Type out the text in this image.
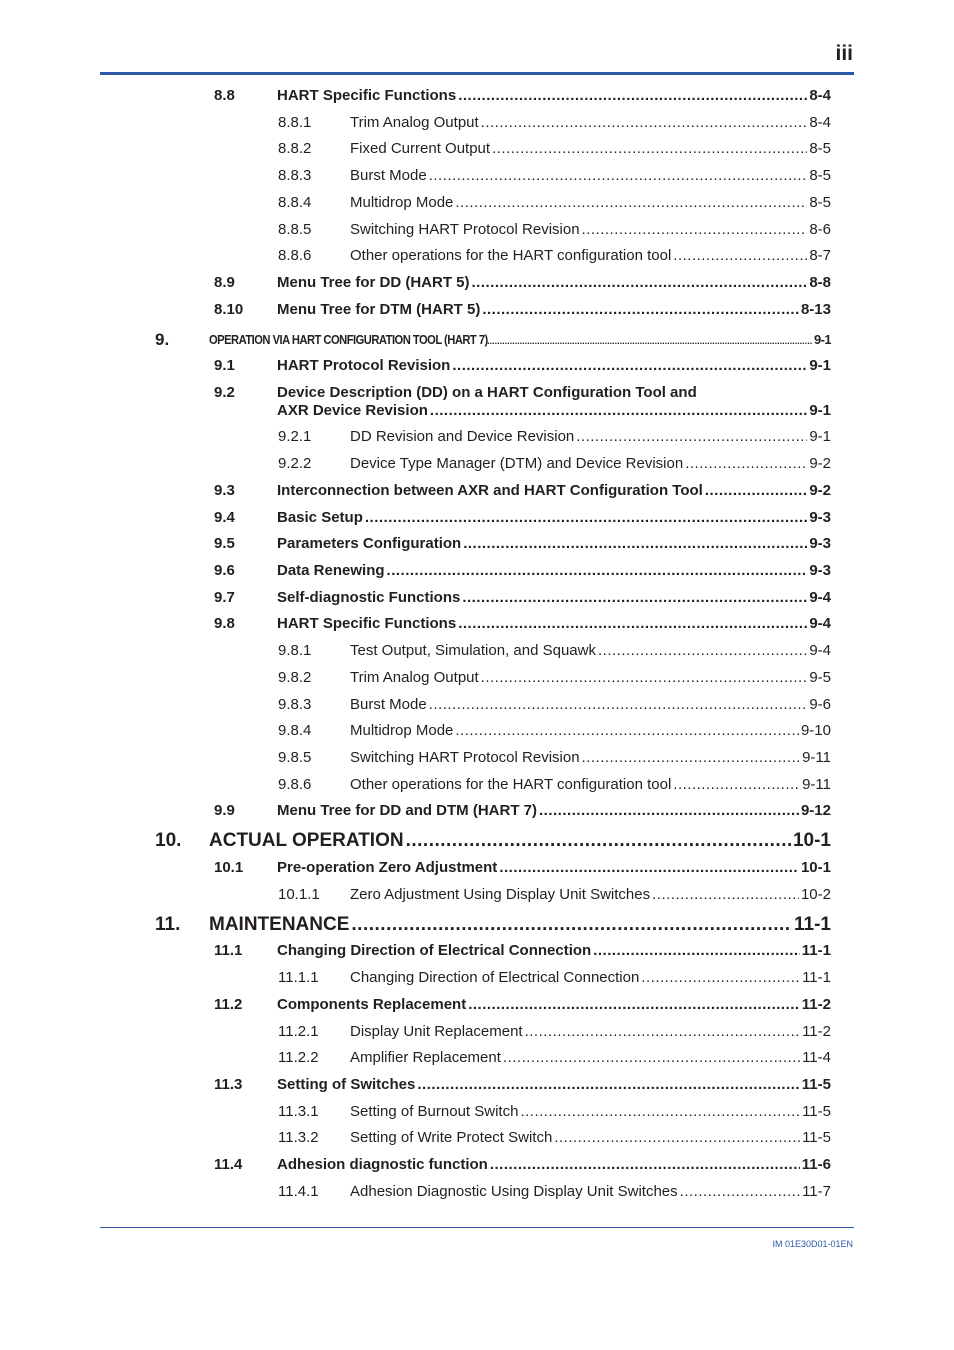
iii
8.8	HART Specific Functions .....	8-4
8.8.1	Trim Analog Output .....	8-4
8.8.2	Fixed Current Output .....	8-5
8.8.3	Burst Mode .....	8-5
8.8.4	Multidrop Mode .....	8-5
8.8.5	Switching HART Protocol Revision .....	8-6
8.8.6	Other operations for the HART configuration tool .....	8-7
8.9	Menu Tree for DD (HART 5) .....	8-8
8.10 Menu Tree for DTM (HART 5) .....	8-13
9.	OPERATION VIA HART CONFIGURATION TOOL (HART 7) .....	9-1
9.1	HART Protocol Revision .....	9-1
9.2	Device Description (DD) on a HART Configuration Tool and
AXR Device Revision .....	9-1
9.2.1	DD Revision and Device Revision .....	9-1
9.2.2	Device Type Manager (DTM) and Device Revision .....	9-2
9.3	Interconnection between AXR and HART Configuration Tool .....	9-2
9.4	Basic Setup .....	9-3
9.5	Parameters Configuration .....	9-3
9.6	Data Renewing .....	9-3
9.7	Self-diagnostic Functions .....	9-4
9.8	HART Specific Functions .....	9-4
9.8.1	Test Output, Simulation, and Squawk .....	9-4
9.8.2	Trim Analog Output .....	9-5
9.8.3	Burst Mode .....	9-6
9.8.4	Multidrop Mode .....	9-10
9.8.5	Switching HART Protocol Revision .....	9-11
9.8.6	Other operations for the HART configuration tool .....	9-11
9.9	Menu Tree for DD and DTM (HART 7) .....	9-12
10. ACTUAL OPERATION .....	10-1
10.1 Pre-operation Zero Adjustment .....	10-1
10.1.1 Zero Adjustment Using Display Unit Switches .....	10-2
11. MAINTENANCE .....	11-1
11.1 Changing Direction of Electrical Connection .....	11-1
11.1.1 Changing Direction of Electrical Connection .....	11-1
11.2 Components Replacement .....	11-2
11.2.1 Display Unit Replacement .....	11-2
11.2.2 Amplifier Replacement .....	11-4
11.3 Setting of Switches .....	11-5
11.3.1 Setting of Burnout Switch .....	11-5
11.3.2 Setting of Write Protect Switch .....	11-5
11.4 Adhesion diagnostic function .....	11-6
11.4.1 Adhesion Diagnostic Using Display Unit Switches .....	11-7
IM 01E30D01-01EN
